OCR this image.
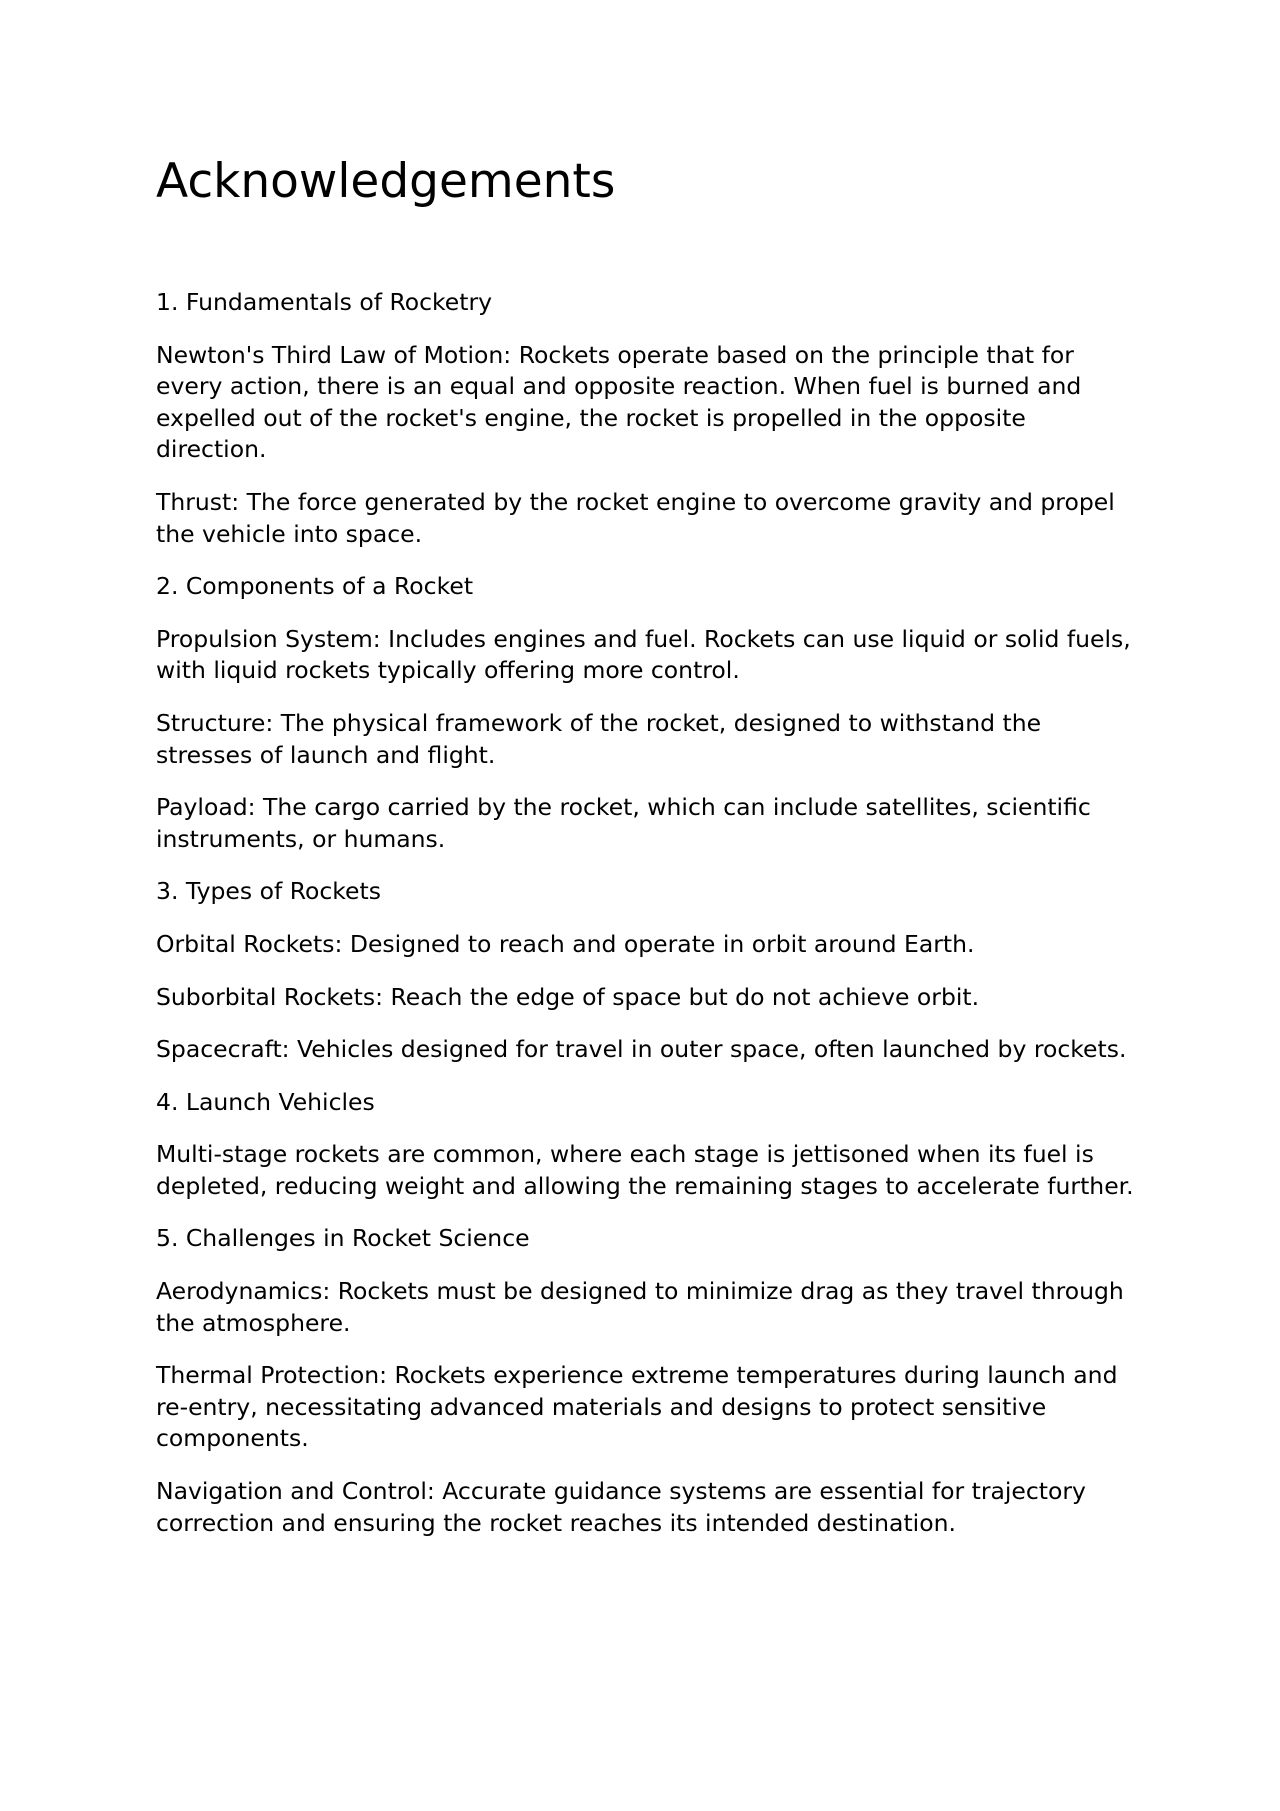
Acknowledgements

1. Fundamentals of Rocketry

Newton's Third Law of Motion: Rockets operate based on the principle that for every action, there is an equal and opposite reaction. When fuel is burned and expelled out of the rocket's engine, the rocket is propelled in the opposite direction.

Thrust: The force generated by the rocket engine to overcome gravity and propel the vehicle into space.

2. Components of a Rocket

Propulsion System: Includes engines and fuel. Rockets can use liquid or solid fuels, with liquid rockets typically offering more control.

Structure: The physical framework of the rocket, designed to withstand the stresses of launch and flight.

Payload: The cargo carried by the rocket, which can include satellites, scientific instruments, or humans.

3. Types of Rockets

Orbital Rockets: Designed to reach and operate in orbit around Earth.

Suborbital Rockets: Reach the edge of space but do not achieve orbit.

Spacecraft: Vehicles designed for travel in outer space, often launched by rockets.

4. Launch Vehicles

Multi-stage rockets are common, where each stage is jettisoned when its fuel is depleted, reducing weight and allowing the remaining stages to accelerate further.

5. Challenges in Rocket Science

Aerodynamics: Rockets must be designed to minimize drag as they travel through the atmosphere.

Thermal Protection: Rockets experience extreme temperatures during launch and re-entry, necessitating advanced materials and designs to protect sensitive components.

Navigation and Control: Accurate guidance systems are essential for trajectory correction and ensuring the rocket reaches its intended destination.
